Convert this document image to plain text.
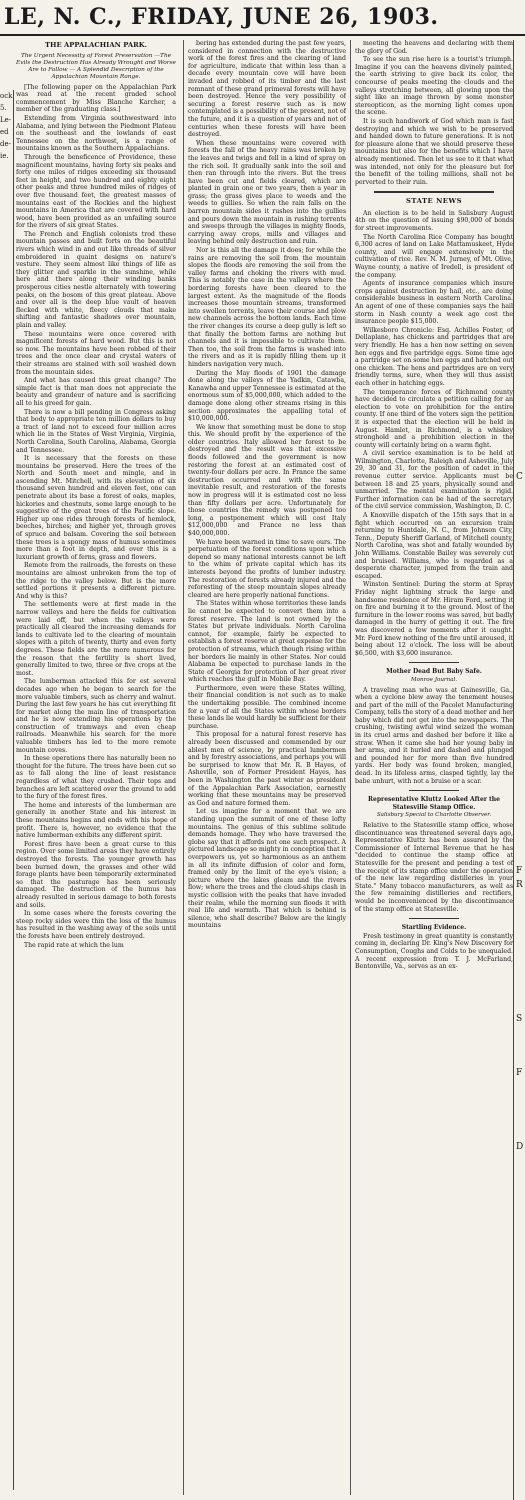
LE, N. C., FRIDAY, JUNE 26, 1903.
ock
5. Le-
ed
de-
ie.
THE APPALACHIAN PARK.
The Urgent Necessity of Forest Preservation —The Evils the Destruction Has Already Wrought and Worse Are to Follow — A Splendid Description of the Appalachian Mountain Range.

[The following paper on the Appalachian Park was read at the recent graded school commencement by Miss Blanche Karcher, a member of the graduating class.]

Extending from Virginia southwestward into Alabama, and lying between the Piedmont Plateau on the southeast and the lowlands of east Tennessee on the northwest, is a range of mountains known as the Southern Appalachians.

Through the beneficence of Providence, these magnificent mountains, having forty six peaks and forty one miles of ridges exceeding six thousand feet in height, and two hundred and eighty eight other peaks and three hundred miles of ridges of over five thousand feet, the greatest masses of mountains east of the Rockies and the highest mountains in America that are covered with hard wood, have been provided as an unfailing source for the rivers of six great States.

The French and English colonists trod these mountain passes and built forts on the beautiful rivers which wind in and out like threads of silver embroidered in quaint designs on nature's vesture. They seem almost like things of life as they glitter and sparkle in the sunshine, while here and there along their winding banks prosperous cities nestle alternately with towering peaks, on the bosom of this great plateau. Above and over all is the deep blue vault of heaven flecked with white, fleecy clouds that make shifting and fantastic shadows over mountain, plain and valley.

These mountains were once covered with magnificent forests of hard wood. But this is not so now. The mountains have been robbed of their trees and the once clear and crystal waters of their streams are stained with soil washed down from the mountain sides.

And what has caused this great change? The simple fact is that man does not appreciate the beauty and grandeur of nature and is sacrificing all to his greed for gain.

There is now a bill pending in Congress asking that body to appropriate ten million dollars to buy a tract of land not to exceed four million acres which lie in the States of West Virginia, Virginia, North Carolina, South Carolina, Alabama, Georgia and Tennessee.

It is necessary that the forests on these mountains be preserved. Here the trees of the North and South meet and mingle, and in ascending Mt. Mitchell, with its elevation of six thousand seven hundred and eleven feet, one can penetrate about its base a forest of oaks, maples, hickories and chestnuts, some large enough to be suggestive of the great trees of the Pacific slope. Higher up one rides through forests of hemlock, beeches, birches; and higher yet, through groves of spruce and balsam. Covering the soil between these trees is a spongy mass of humus sometimes more than a foot in depth, and over this is a luxuriant growth of ferns, grass and flowers.

Remote from the railroads, the forests on these mountains are almost unbroken from the top of the ridge to the valley below. But is the more settled portions it presents a different picture. And why is this?

The settlements were at first made in the narrow valleys and here the fields for cultivation were laid off, but when the valleys were practically all cleared the increasing demands for lands to cultivate led to the clearing of mountain slopes with a pitch of twenty, thirty and even forty degrees. These fields are the more numerous for the reason that the fertility is short lived, generally limited to two, three or five crops at the most.

The lumberman attacked this for est several decades ago when he began to search for the more valuable timbers, such as cherry and walnut. During the last few years he has cut everything fit for market along the main line of transportation and he is now extending his operations by the construction of tramways and even cheap railroads. Meanwhile his search for the more valuable timbers has led to the more remote mountain coves.

In these operations there has naturally been no thought for the future. The trees have been cut so as to fall along the line of least resistance regardless of what they crushed. Their tops and branches are left scattered over the ground to add to the fury of the forest fires.

The home and interests of the lumberman are generally in another State and his interest in these mountains begins and ends with his hope of profit. There is, however, no evidence that the native lumberman exhibits any different spirit.

Forest fires have been a great curse to this region. Over some limited areas they have entirely destroyed the forests. The younger growth has been burned down, the grasses and other wild forage plants have been temporarily exterminated so that the pasturage has been seriously damaged. The destruction of the humus has already resulted in serious damage to both forests and soils.

In some cases where the forests covering the steep rocky sides were thin the loss of the humus has resulted in the washing away of the soils until the forests have been entirely destroyed.

The rapid rate at which the lum

bering has extended during the past few years, considered in connection with the destructive work of the forest fires and the clearing of land for agriculture, indicate that within less than a decade every mountain cove will have been invaded and robbed of its timber and the last remnant of these grand primeval forests will have been destroyed. Hence the very possibility of securing a forest reserve such as is now contemplated is a possibility of the present, not of the future, and it is a question of years and not of centuries when these forests will have been destroyed.

When these mountains were covered with forests the fall of the heavy rains was broken by the leaves and twigs and fell in a kind of spray on the rich soil. It gradually sank into the soil and then ran through into the rivers. But the trees have been cut and fields cleared, which are planted in grain one or two years, then a year in grass; the grass gives place to weeds and the weeds to gullies. So when the rain falls on the barren mountain sides it rushes into the gullies and pours down the mountain in rushing torrents and sweeps through the villages in mighty floods, carrying away crops, mills and villages and leaving behind only destruction and ruin.

Nor is this all the damage it does; for while the rains are removing the soil from the mountain slopes the floods are removing the soil from the valley farms and choking the rivers with mud. This is notably the case in the valleys where the bordering forests have been cleared to the largest extent. As the magnitude of the floods increases those mountain streams, transformed into swollen torrents, leave their course and plow new channels across the bottom lands. Each time the river changes its course a deep gully is left so that finally the bottom farms are nothing but channels and it is impossible to cultivate them. Then too, the soil from the farms is washed into the rivers and as it is rapidly filling them up it hinders navigation very much.

During the May floods of 1901 the damage done along the valleys of the Yadkin, Catawba, Kanawha and upper Tennessee is estimated at the enormous sum of $5,000,000, which added to the damage done along other streams rising in this section approximates the appalling total of $10,000,000.

We know that something must be done to stop this. We should profit by the experience of the older countries. Italy allowed her forest to be destroyed and the result was that excessive floods followed and the government is now restoring the forest at an estimated cost of twenty-four dollars per acre. In France the same destruction occurred and with the same inevitable result, and restoration of the forests now in progress will it is estimated cost no less than fifty dollars per acre. Unfortunately for those countries the remedy was postponed too long, a postponement which will cost Italy $12,000,000 and France no less than $40,000,000.

We have been warned in time to save ours. The perpetuation of the forest conditions upon which depend so many national interests cannot be left to the whim of private capital which has its interests beyond the profits of lumber industry. The restoration of forests already injured and the reforesting of the steep mountain slopes already cleared are here properly national functions.

The States within whose territories these lands lie cannot be expected to convert them into a forest reserve. The land is not owned by the States but private individuals. North Carolina cannot, for example, fairly be expected to establish a forest reserve at great expense for the protection of streams, which though rising within her borders lie mainly in other States. Nor could Alabama be expected to purchase lands in the State of Georgia for protection of her great river which reaches the gulf in Mobile Bay.

Furthermore, even were these States willing, their financial condition is not such as to make the undertaking possible. The combined income for a year of all the States within whose borders these lands lie would hardly be sufficient for their purchase.

This proposal for a natural forest reserve has already been discussed and commended by our ablest men of science, by practical lumbermen and by forestry associations, and perhaps you will be surprised to know that Mr. R. B Hayes, of Asheville, son of Former President Hayes, has been in Washington the past winter as president of the Appalachian Park Association, earnestly working that these mountains may be preserved as God and nature formed them.

Let us imagine for a moment that we are standing upon the summit of one of these lofty mountains. The genius of this sublime solitude demands homage. They who have traversed the globe say that it affords not one such prospect. A pictured landscape so mighty in conception that it overpowers us, yet so harmonious as an anthem in all its infinite diffusion of color and form, framed only by the limit of the eye's vision; a picture where the lakes gleam and the rivers flow; where the trees and the cloud-ships clash in mystic collision with the peaks that have invaded their realm, while the morning sun floods it with real life and warmth. That which is behind is silence, who shall describe? Below are the kingly mountains

meeting the heavens and declaring with them the glory of God.

To see the sun rise here is a tourist's triumph. Imagine if you can the heavens divinely painted, the earth striving to give back its color, the concourse of peaks meeting the clouds and the valleys stretching between, all glowing upon the sight like an image thrown by some monster stereopticon, as the morning light comes upon the scene.

It is such handiwork of God which man is fast destroying and which we wish to be preserved and handed down to future generations. It is not for pleasure alone that we should preserve these mountains but also for the benefits which I have already mentioned. Then let us see to it that what was intended, not only for the pleasure but for the benefit of the toiling millions, shall not be perverted to their ruin.

STATE NEWS

An election is to be held in Salisbury August 4th on the question of issuing $90,000 of bonds for street improvements.

The North Carolina Rice Company has bought 6,300 acres of land on Lake Mattamuskeet, Hyde county, and will engage extensively in the cultivation of rice. Rev. N. M. Jurney, of Mt. Olive, Wayne county, a native of Iredell, is president of the company.

Agents of insurance companies which insure crops against destruction by hail, etc., are doing considerable business in eastern North Carolina. An agent of one of these companies says the hail storm in Nash county a week ago cost the insurance people $15,000.

Wilkesboro Chronicle: Esq. Achilles Foster, of Dellaplane, has chickens and partridges that are very friendly. He has a hen now setting on seven hen eggs and five partridge eggs. Some time ago a partridge set on some hen eggs and hatched out one chicken. The hens and partridges are on very friendly terms, sure, when they will thus assist each other in hatching eggs.

The temperance forces of Richmond county have decided to circulate a petition calling for an election to vote on prohibition for the entire county. If one third of the voters sign the petition it is expected that the election will be held in August. Hamlet, in Richmond, is a whiskey stronghold and a prohibition election in the county will certainly bring on a warm fight.

A civil service examination is to be held at Wilmington, Charlotte, Raleigh and Asheville, July 29, 30 and 31, for the position of cadet in the revenue cutter service. Applicants must be between 18 and 25 years, physically sound and unmarried. The mental examination is rigid. Further information can be had of the secretary of the civil service commission, Washington, D. C.

A Knoxville dispatch of the 15th says that in a fight which occurred on an excursion train returning to Huntdale, N. C., from Johnson City, Tenn., Deputy Sheriff Garland, of Mitchell county, North Carolina, was shot and fatally wounded by John Williams. Constable Bailey was severely cut and bruised. Williams, who is regarded as a desperate character, jumped from the train and escaped.

Winston Sentinel: During the storm at Spray Friday night lightning struck the large and handsome residence of Mr. Hiram Ford, setting it on fire and burning it to the ground. Most of the furniture in the lower rooms was saved, but badly damaged in the hurry of getting it out. The fire was discovered a few moments after it caught. Mr. Ford knew nothing of the fire until aroused, it being about 12 o'clock. The loss will be about $6,500, with $3,600 insurance.

Mother Dead But Baby Safe.
Monroe Journal.

A traveling man who was at Gainesville, Ga., when a cyclone blew away the tenement houses and part of the mill of the Pacolet Manufacturing Company, tells the story of a dead mother and her baby which did not get into the newspapers. The crushing, twisting awful wind seized the woman in its cruel arms and dashed her before it like a straw. When it came she had her young baby in her arms, and it hurled and dashed and plunged and pounded her for more than five hundred yards. Her body was found broken, mangled, dead. In its lifeless arms, clasped tightly, lay the babe unhurt, with not a bruise or a scar.

Representative Kluttz Looked After the Statesville Stamp Office.
Salisbury Special to Charlotte Observer.

Relative to the Statesville stamp office, whose discontinuance was threatened several days ago, Representative Kluttz has been assured by the Commissioner of Internal Revenue that he has "decided to continue the stamp office at Statesville for the present and pending a test of the receipt of its stamp office under the operation of the new law regarding distilleries in your State." Many tobacco manufacturers, as well as the few remaining distilleries and rectifiers, would be inconvenienced by the discontinuance of the stamp office at Statesville.

Startling Evidence.

Fresh testimony in great quantity is constantly coming in, declaring Dr. King's New Discovery for Consumption, Coughs and Colds to be unequaled. A recent expression from T. J. McFarland, Bentonville, Va., serves as an ex-

C
F
R
S
F
D
